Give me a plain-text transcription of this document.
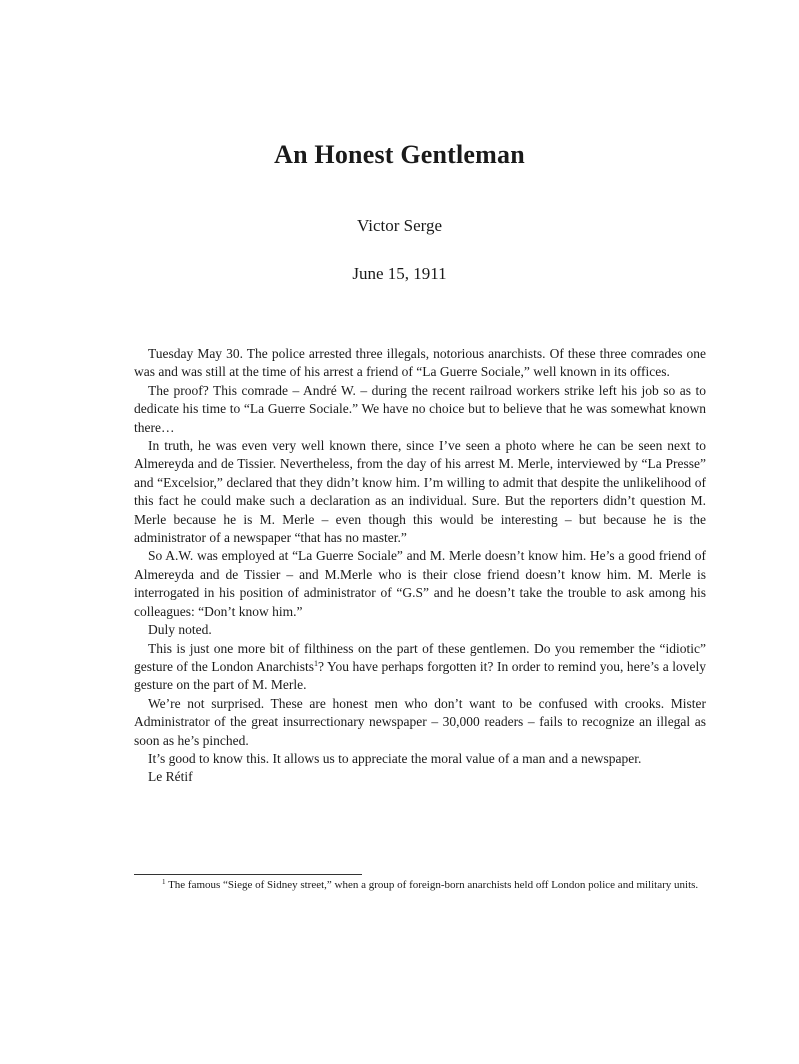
An Honest Gentleman
Victor Serge
June 15, 1911

Tuesday May 30. The police arrested three illegals, notorious anarchists. Of these three comrades one was and was still at the time of his arrest a friend of “La Guerre Sociale,” well known in its offices.

The proof? This comrade – André W. – during the recent railroad workers strike left his job so as to dedicate his time to “La Guerre Sociale.” We have no choice but to believe that he was somewhat known there…

In truth, he was even very well known there, since I’ve seen a photo where he can be seen next to Almereyda and de Tissier. Nevertheless, from the day of his arrest M. Merle, interviewed by “La Presse” and “Excelsior,” declared that they didn’t know him. I’m willing to admit that despite the unlikelihood of this fact he could make such a declaration as an individual. Sure. But the reporters didn’t question M. Merle because he is M. Merle – even though this would be interesting – but because he is the administrator of a newspaper “that has no master.”

So A.W. was employed at “La Guerre Sociale” and M. Merle doesn’t know him. He’s a good friend of Almereyda and de Tissier – and M.Merle who is their close friend doesn’t know him. M. Merle is interrogated in his position of administrator of “G.S” and he doesn’t take the trouble to ask among his colleagues: “Don’t know him.”

Duly noted.

This is just one more bit of filthiness on the part of these gentlemen. Do you remember the “idiotic” gesture of the London Anarchists$^1$? You have perhaps forgotten it? In order to remind you, here’s a lovely gesture on the part of M. Merle.

We’re not surprised. These are honest men who don’t want to be confused with crooks. Mister Administrator of the great insurrectionary newspaper – 30,000 readers – fails to recognize an illegal as soon as he’s pinched.

It’s good to know this. It allows us to appreciate the moral value of a man and a newspaper.

Le Rétif

$^1$ The famous “Siege of Sidney street,” when a group of foreign-born anarchists held off London police and military units.
